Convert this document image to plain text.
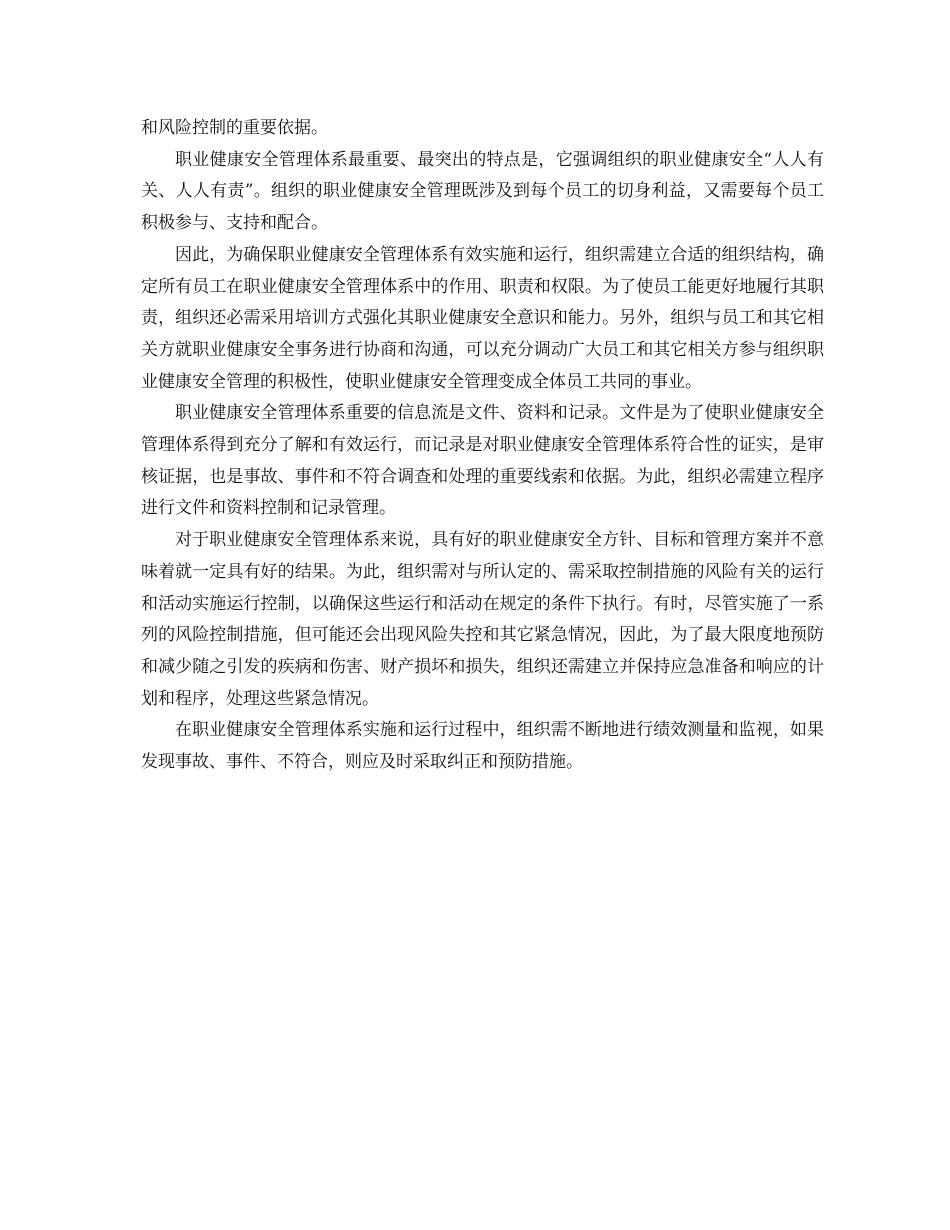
和风险控制的重要依据。

职业健康安全管理体系最重要、最突出的特点是，它强调组织的职业健康安全“人人有关、人人有责”。组织的职业健康安全管理既涉及到每个员工的切身利益，又需要每个员工积极参与、支持和配合。

因此，为确保职业健康安全管理体系有效实施和运行，组织需建立合适的组织结构，确定所有员工在职业健康安全管理体系中的作用、职责和权限。为了使员工能更好地履行其职责，组织还必需采用培训方式强化其职业健康安全意识和能力。另外，组织与员工和其它相关方就职业健康安全事务进行协商和沟通，可以充分调动广大员工和其它相关方参与组织职业健康安全管理的积极性，使职业健康安全管理变成全体员工共同的事业。

职业健康安全管理体系重要的信息流是文件、资料和记录。文件是为了使职业健康安全管理体系得到充分了解和有效运行，而记录是对职业健康安全管理体系符合性的证实，是审核证据，也是事故、事件和不符合调查和处理的重要线索和依据。为此，组织必需建立程序进行文件和资料控制和记录管理。

对于职业健康安全管理体系来说，具有好的职业健康安全方针、目标和管理方案并不意味着就一定具有好的结果。为此，组织需对与所认定的、需采取控制措施的风险有关的运行和活动实施运行控制，以确保这些运行和活动在规定的条件下执行。有时，尽管实施了一系列的风险控制措施，但可能还会出现风险失控和其它紧急情况，因此，为了最大限度地预防和减少随之引发的疾病和伤害、财产损坏和损失，组织还需建立并保持应急准备和响应的计划和程序，处理这些紧急情况。

在职业健康安全管理体系实施和运行过程中，组织需不断地进行绩效测量和监视，如果发现事故、事件、不符合，则应及时采取纠正和预防措施。
